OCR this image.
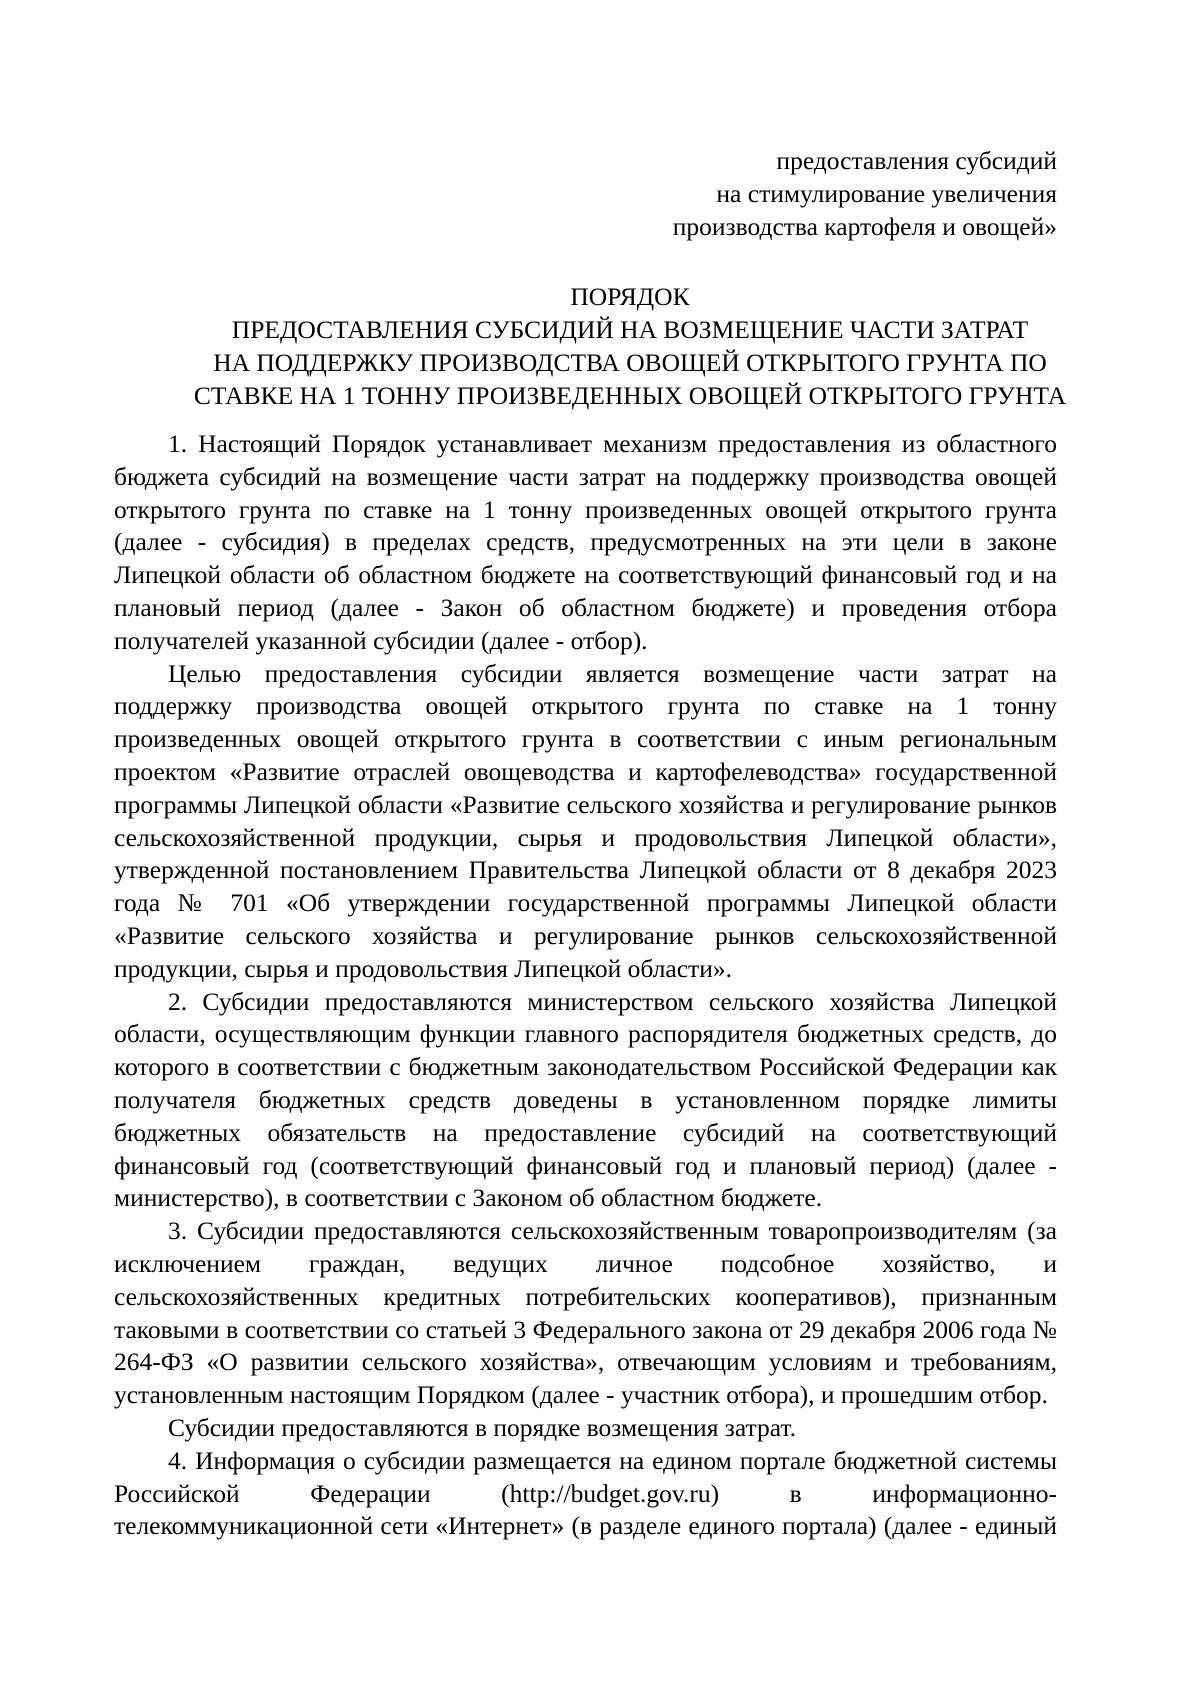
предоставления субсидий
на стимулирование увеличения
производства картофеля и овощей»
ПОРЯДОК
ПРЕДОСТАВЛЕНИЯ СУБСИДИЙ НА ВОЗМЕЩЕНИЕ ЧАСТИ ЗАТРАТ
НА ПОДДЕРЖКУ ПРОИЗВОДСТВА ОВОЩЕЙ ОТКРЫТОГО ГРУНТА ПО
СТАВКЕ НА 1 ТОННУ ПРОИЗВЕДЕННЫХ ОВОЩЕЙ ОТКРЫТОГО ГРУНТА

1. Настоящий Порядок устанавливает механизм предоставления из областного бюджета субсидий на возмещение части затрат на поддержку производства овощей открытого грунта по ставке на 1 тонну произведенных овощей открытого грунта (далее - субсидия) в пределах средств, предусмотренных на эти цели в законе Липецкой области об областном бюджете на соответствующий финансовый год и на плановый период (далее - Закон об областном бюджете) и проведения отбора получателей указанной субсидии (далее - отбор).

Целью предоставления субсидии является возмещение части затрат на поддержку производства овощей открытого грунта по ставке на 1 тонну произведенных овощей открытого грунта в соответствии с иным региональным проектом «Развитие отраслей овощеводства и картофелеводства» государственной программы Липецкой области «Развитие сельского хозяйства и регулирование рынков сельскохозяйственной продукции, сырья и продовольствия Липецкой области», утвержденной постановлением Правительства Липецкой области от 8 декабря 2023 года № 701 «Об утверждении государственной программы Липецкой области «Развитие сельского хозяйства и регулирование рынков сельскохозяйственной продукции, сырья и продовольствия Липецкой области».

2. Субсидии предоставляются министерством сельского хозяйства Липецкой области, осуществляющим функции главного распорядителя бюджетных средств, до которого в соответствии с бюджетным законодательством Российской Федерации как получателя бюджетных средств доведены в установленном порядке лимиты бюджетных обязательств на предоставление субсидий на соответствующий финансовый год (соответствующий финансовый год и плановый период) (далее - министерство), в соответствии с Законом об областном бюджете.

3. Субсидии предоставляются сельскохозяйственным товаропроизводителям (за исключением граждан, ведущих личное подсобное хозяйство, и сельскохозяйственных кредитных потребительских кооперативов), признанным таковыми в соответствии со статьей 3 Федерального закона от 29 декабря 2006 года № 264-ФЗ «О развитии сельского хозяйства», отвечающим условиям и требованиям, установленным настоящим Порядком (далее - участник отбора), и прошедшим отбор.

Субсидии предоставляются в порядке возмещения затрат.

4. Информация о субсидии размещается на едином портале бюджетной системы Российской Федерации (http://budget.gov.ru) в информационно-телекоммуникационной сети «Интернет» (в разделе единого портала) (далее - единый
